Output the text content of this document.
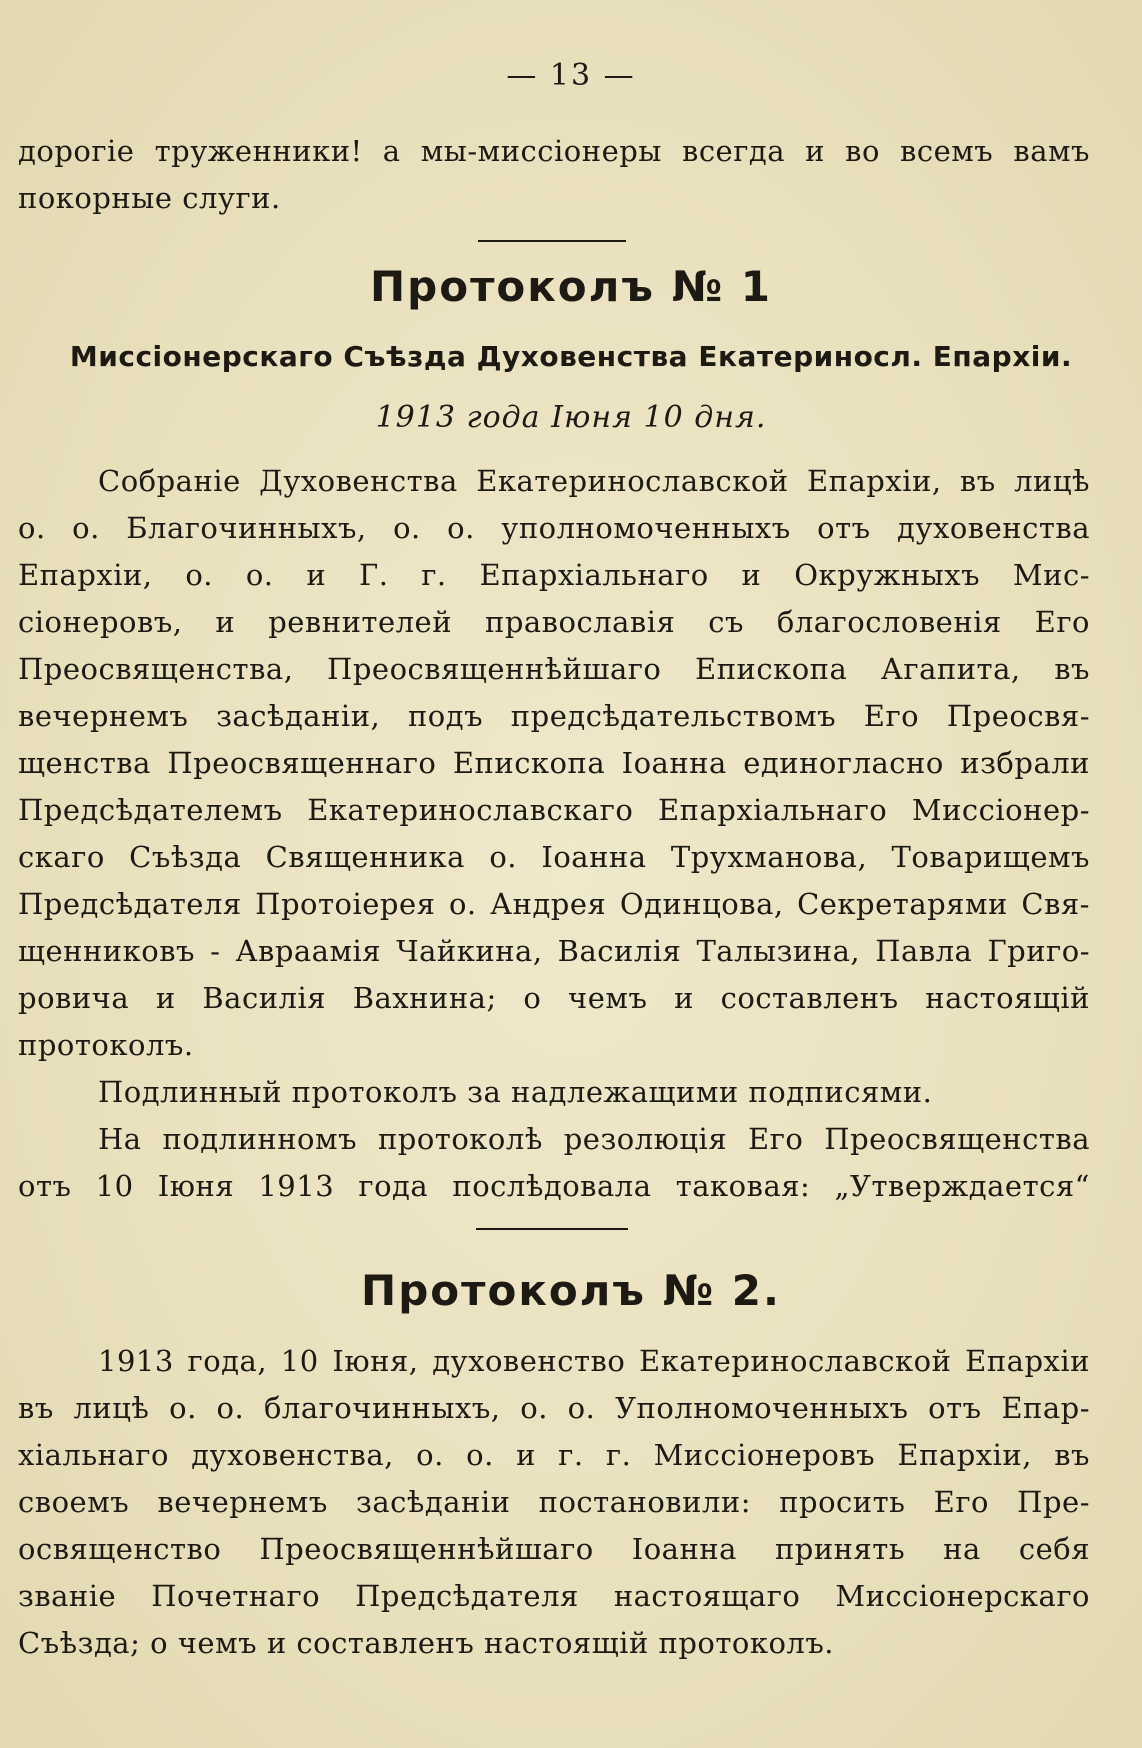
— 13 —
дорогіе труженники! а мы-миссіонеры всегда и во всемъ вамъ
покорные слуги.
Протоколъ № 1
Миссіонерскаго Съѣзда Духовенства Екатериносл. Епархіи.
1913 года Іюня 10 дня.
Собраніе Духовенства Екатеринославской Епархіи, въ лицѣ
о. о. Благочинныхъ, о. о. уполномоченныхъ отъ духовенства
Епархіи, о. о. и Г. г. Епархіальнаго и Окружныхъ Мис-
сіонеровъ, и ревнителей православія съ благословенія Его
Преосвященства, Преосвященнѣйшаго Епископа Агапита, въ
вечернемъ засѣданіи, подъ предсѣдательствомъ Его Преосвя-
щенства Преосвященнаго Епископа Іоанна единогласно избрали
Предсѣдателемъ Екатеринославскаго Епархіальнаго Миссіонер-
скаго Съѣзда Священника о. Іоанна Трухманова, Товарищемъ
Предсѣдателя Протоіерея о. Андрея Одинцова, Секретарями Свя-
щенниковъ - Авраамія Чайкина, Василія Талызина, Павла Григо-
ровича и Василія Вахнина; о чемъ и составленъ настоящій
протоколъ.
Подлинный протоколъ за надлежащими подписями.
На подлинномъ протоколѣ резолюція Его Преосвященства
отъ 10 Іюня 1913 года послѣдовала таковая: „Утверждается“
Протоколъ № 2.
1913 года, 10 Іюня, духовенство Екатеринославской Епархіи
въ лицѣ о. о. благочинныхъ, о. о. Уполномоченныхъ отъ Епар-
хіальнаго духовенства, о. о. и г. г. Миссіонеровъ Епархіи, въ
своемъ вечернемъ засѣданіи постановили: просить Его Пре-
освященство Преосвященнѣйшаго Іоанна принять на себя
званіе Почетнаго Предсѣдателя настоящаго Миссіонерскаго
Съѣзда; о чемъ и составленъ настоящій протоколъ.
